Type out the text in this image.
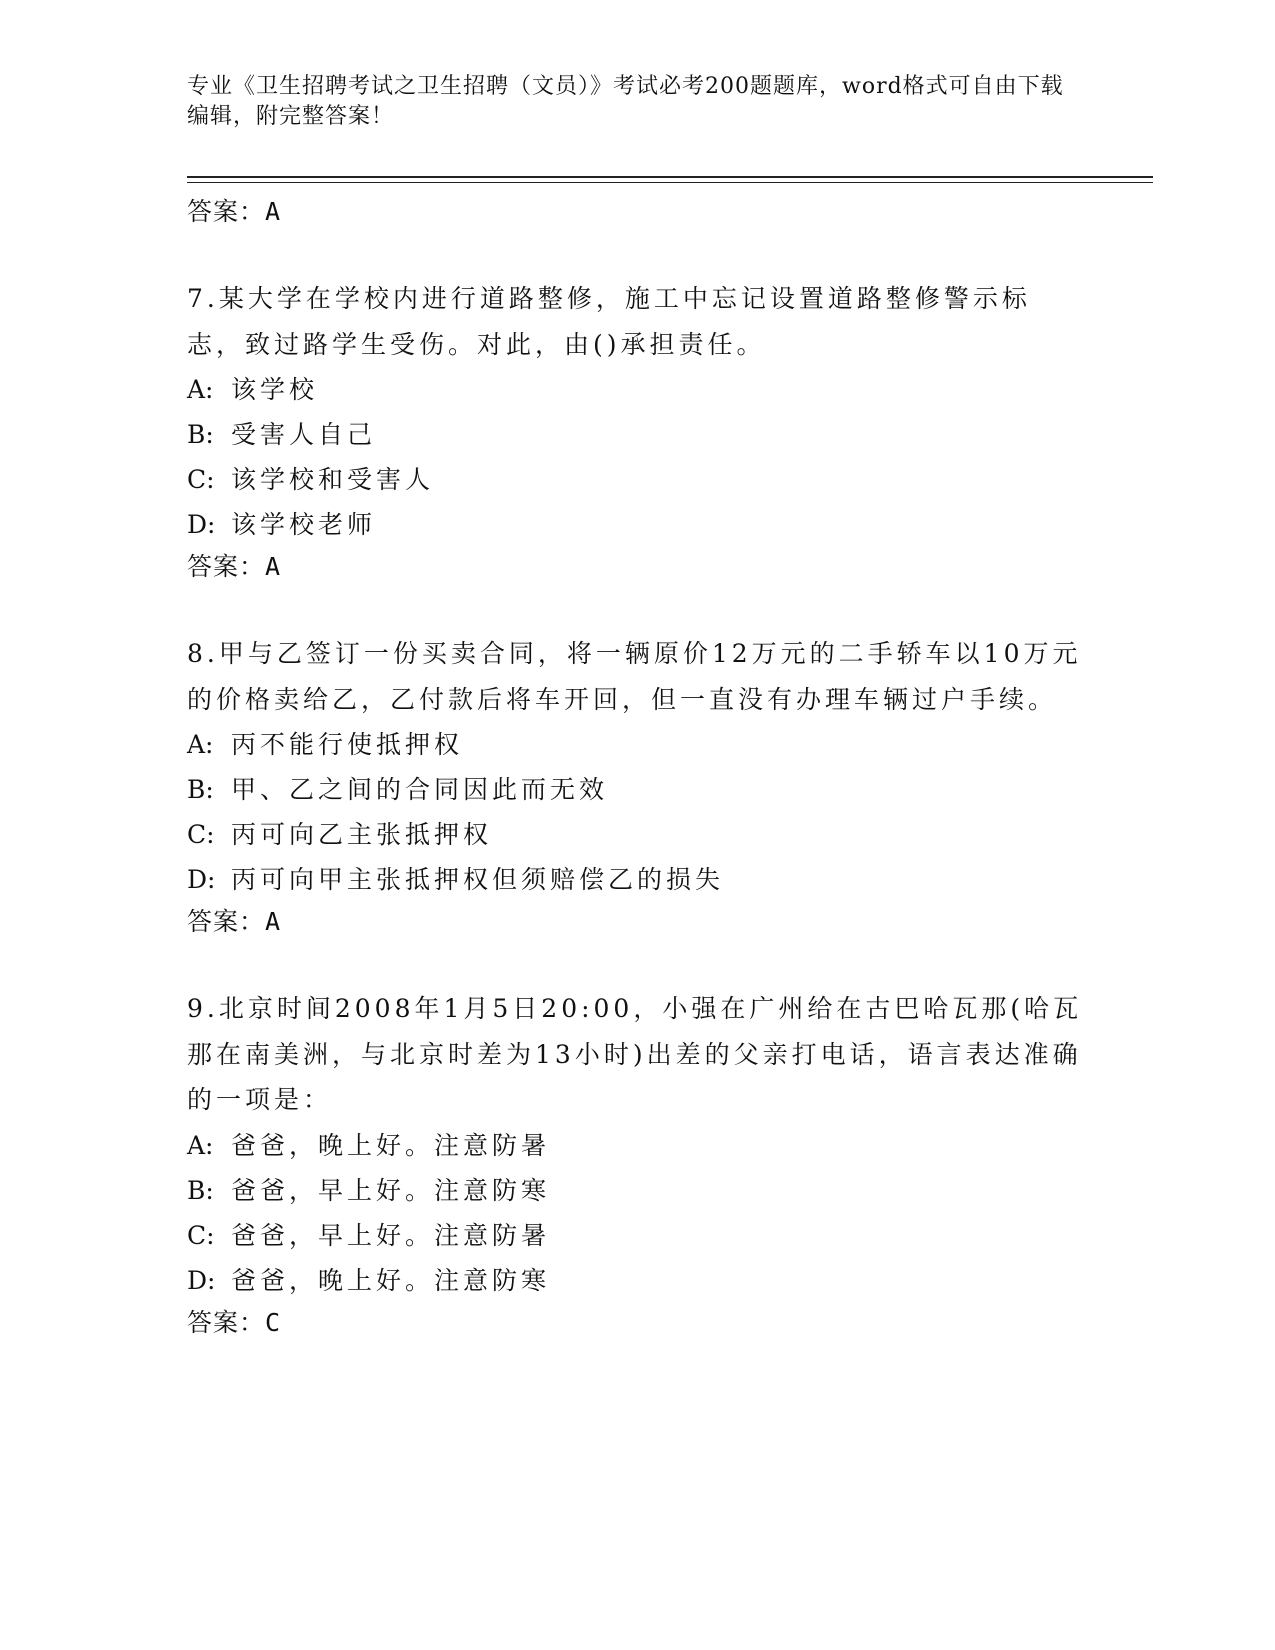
专业《卫生招聘考试之卫生招聘（文员）》考试必考200题题库，word格式可自由下载编辑，附完整答案！
答案：A
7.某大学在学校内进行道路整修，施工中忘记设置道路整修警示标志，致过路学生受伤。对此，由()承担责任。
A: 该学校
B: 受害人自己
C: 该学校和受害人
D: 该学校老师
答案：A
8.甲与乙签订一份买卖合同，将一辆原价12万元的二手轿车以10万元的价格卖给乙，乙付款后将车开回，但一直没有办理车辆过户手续。
A: 丙不能行使抵押权
B: 甲、乙之间的合同因此而无效
C: 丙可向乙主张抵押权
D: 丙可向甲主张抵押权但须赔偿乙的损失
答案：A
9.北京时间2008年1月5日20:00，小强在广州给在古巴哈瓦那(哈瓦那在南美洲，与北京时差为13小时)出差的父亲打电话，语言表达准确的一项是：
A: 爸爸，晚上好。注意防暑
B: 爸爸，早上好。注意防寒
C: 爸爸，早上好。注意防暑
D: 爸爸，晚上好。注意防寒
答案：C
